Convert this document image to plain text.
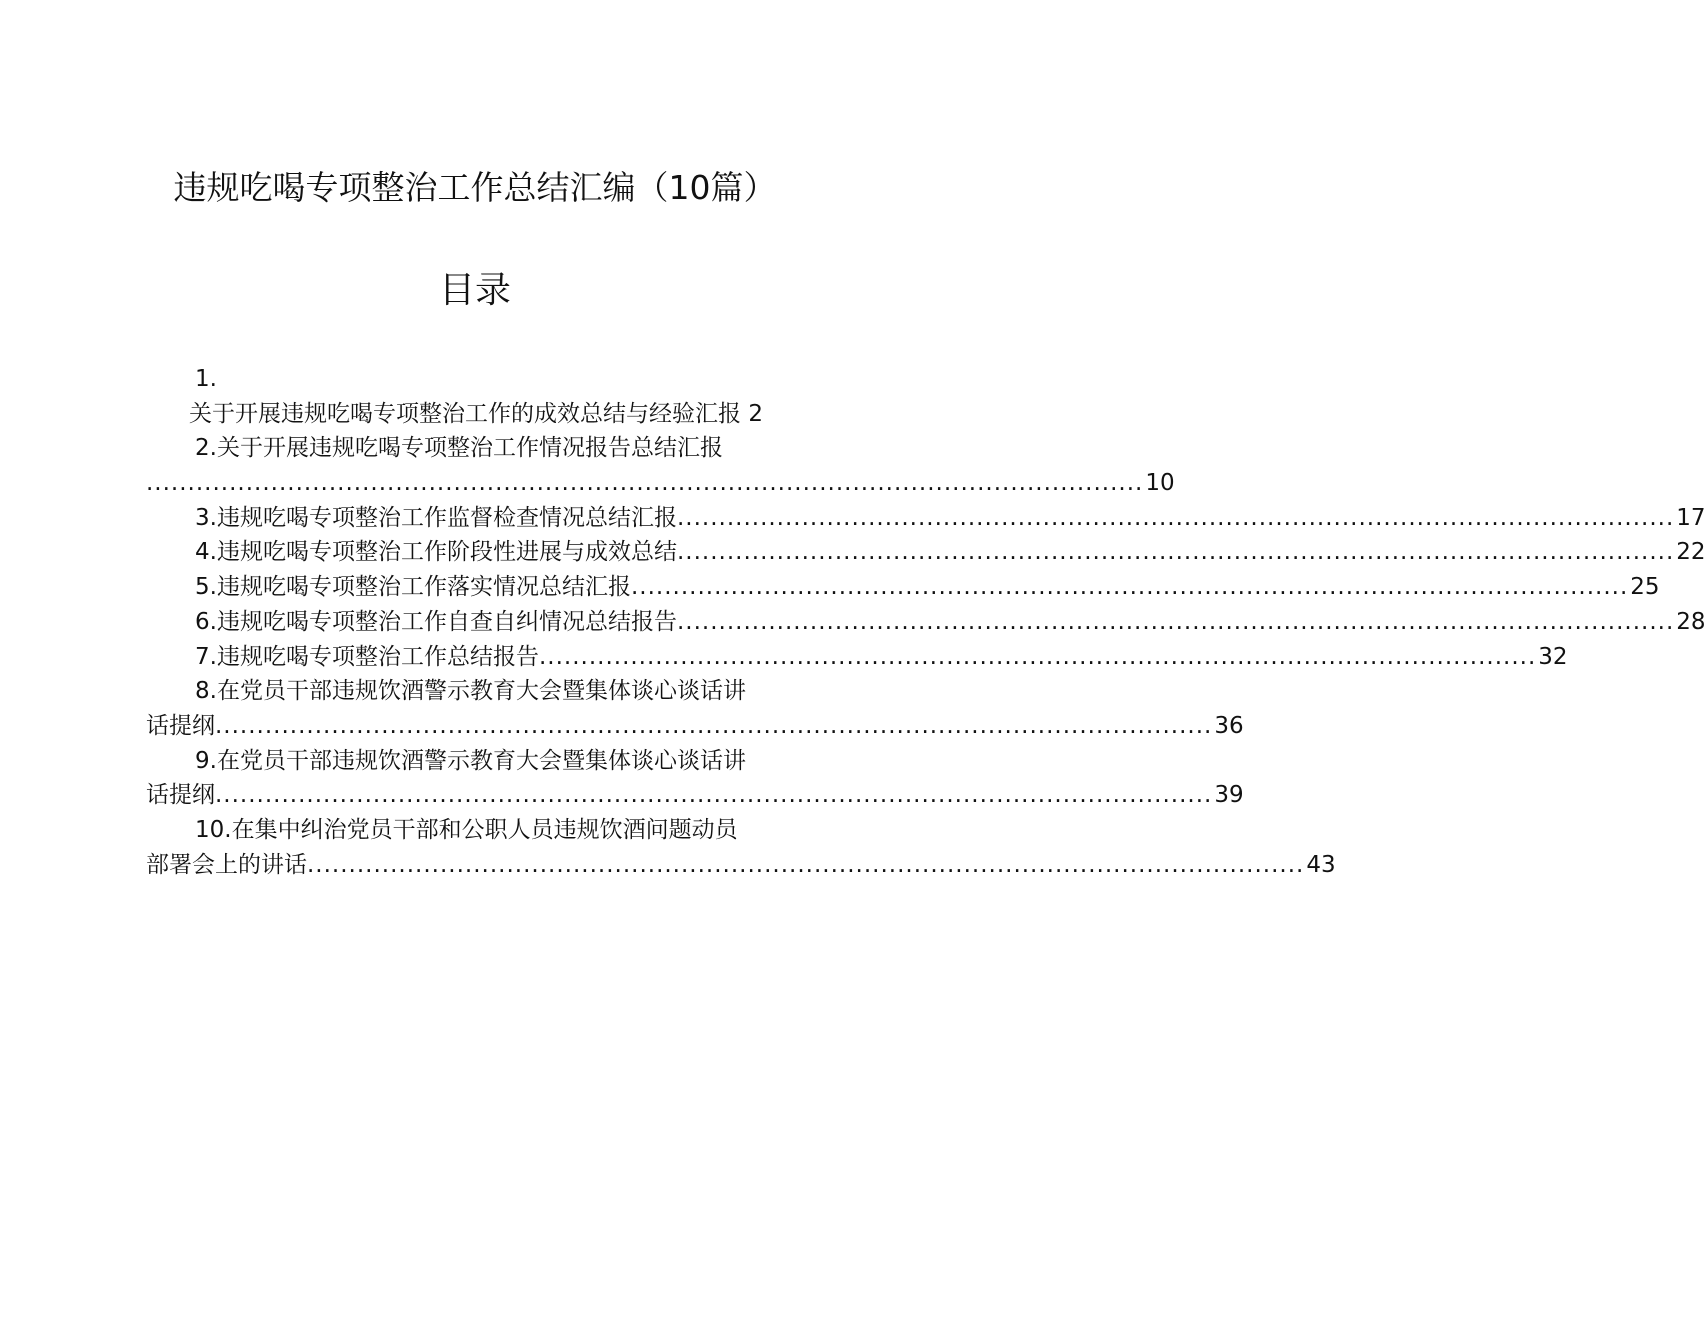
违规吃喝专项整治工作总结汇编（10篇）
目录
1.
关于开展违规吃喝专项整治工作的成效总结与经验汇报 2
2.关于开展违规吃喝专项整治工作情况报告总结汇报
........................................................................................................................ 10
3.违规吃喝专项整治工作监督检查情况总结汇报 ........................................................................................................................ 17
4.违规吃喝专项整治工作阶段性进展与成效总结 ........................................................................................................................ 22
5.违规吃喝专项整治工作落实情况总结汇报 ........................................................................................................................ 25
6.违规吃喝专项整治工作自查自纠情况总结报告 ........................................................................................................................ 28
7.违规吃喝专项整治工作总结报告 ........................................................................................................................ 32
8.在党员干部违规饮酒警示教育大会暨集体谈心谈话讲
话提纲 ........................................................................................................................ 36
9.在党员干部违规饮酒警示教育大会暨集体谈心谈话讲
话提纲 ........................................................................................................................ 39
10.在集中纠治党员干部和公职人员违规饮酒问题动员
部署会上的讲话 ........................................................................................................................ 43
